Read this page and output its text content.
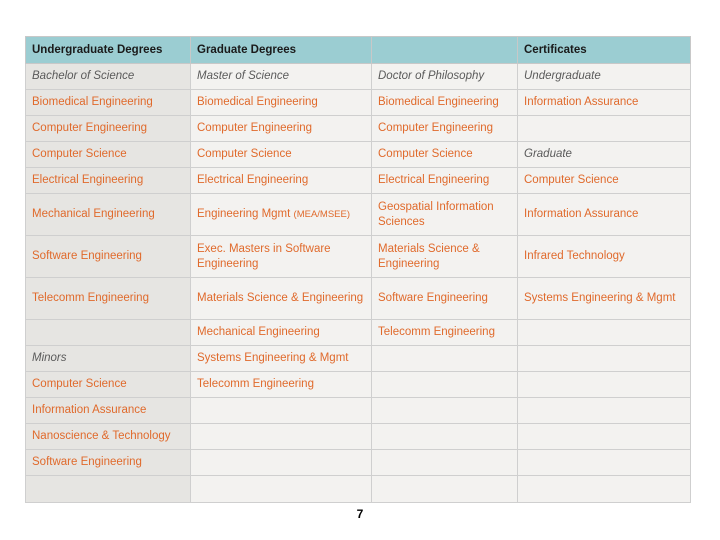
Undergraduate Degrees	Graduate Degrees		Certificates
Bachelor of Science	Master of Science	Doctor of Philosophy	Undergraduate
Biomedical Engineering	Biomedical Engineering	Biomedical Engineering	Information Assurance
Computer Engineering	Computer Engineering	Computer Engineering	
Computer Science	Computer Science	Computer Science	Graduate
Electrical Engineering	Electrical Engineering	Electrical Engineering	Computer Science
Mechanical Engineering	Engineering Mgmt (MEA/MSEE)	Geospatial Information Sciences	Information Assurance
Software Engineering	Exec. Masters in Software Engineering	Materials Science & Engineering	Infrared Technology
Telecomm Engineering	Materials Science & Engineering	Software Engineering	Systems Engineering & Mgmt
	Mechanical Engineering	Telecomm Engineering	
Minors	Systems Engineering & Mgmt		
Computer Science	Telecomm Engineering		
Information Assurance			
Nanoscience & Technology			
Software Engineering			

7
